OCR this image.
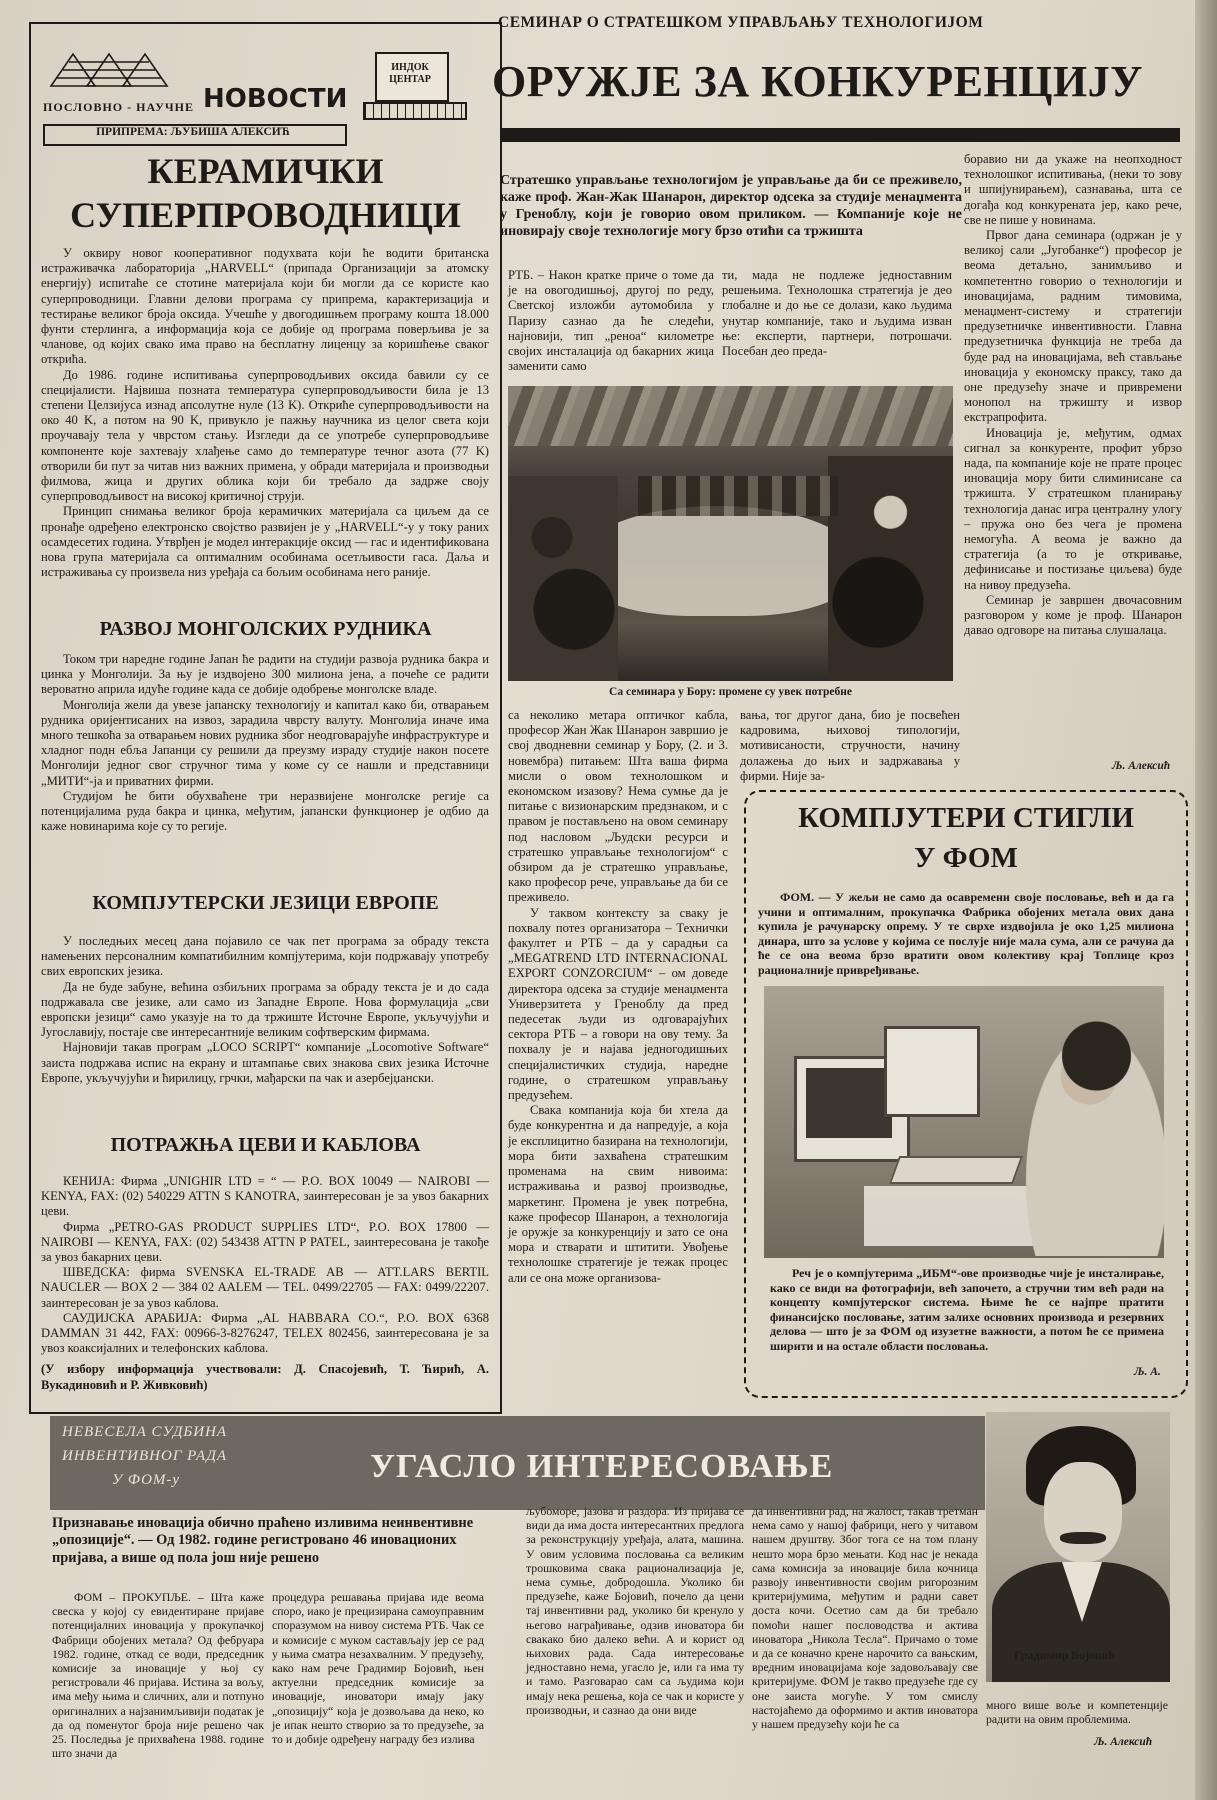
ПОСЛОВНО - НАУЧНЕ НОВОСТИ
ИНДОК ЦЕНТАР
ПРИПРЕМА: ЉУБИША АЛЕКСИЋ
КЕРАМИЧКИ
СУПЕРПРОВОДНИЦИ

У оквиру новог кооперативног подухвата који ће водити британска истраживачка лабораторија „HARVELL“ (припада Организацији за атомску енергију) испитаће се стотине материјала који би могли да се користе као суперпроводници. Главни делови програма су припрема, карактеризација и тестирање великог броја оксида. Учешће у двогодишњем програму кошта 18.000 фунти стерлинга, а информација која се добије од програма поверљива је за чланове, од којих свако има право на бесплатну лиценцу за коришћење сваког открића.

До 1986. године испитивања суперпроводљивих оксида бавили су се специјалисти. Највиша позната температура суперпроводљивости била је 13 степени Целзијуса изнад апсолутне нуле (13 K). Откриће суперпроводљивости на око 40 K, а потом на 90 K, привукло је пажњу научника из целог света који проучавају тела у чврстом стању. Изгледи да се употребе суперпроводљиве компоненте које захтевају хлађење само до температуре течног азота (77 K) отворили би пут за читав низ важних примена, у обради материјала и производњи филмова, жица и других облика који би требало да задрже своју суперпроводљивост на високој критичној струји.

Принцип снимања великог броја керамичких материјала са циљем да се пронађе одређено електронско својство развијен је у „HARVELL“-у у току раних осамдесетих година. Утврђен је модел интеракције оксид — гас и идентификована нова група материјала са оптималним особинама осетљивости гаса. Даља и истраживања су произвела низ уређаја са бољим особинама него раније.

РАЗВОЈ МОНГОЛСКИХ РУДНИКА

Током три наредне године Јапан ће радити на студији развоја рудника бакра и цинка у Монголији. За њу је издвојено 300 милиона јена, а почеће се радити вероватно априла идуће године када се добије одобрење монголске владе.

Монголија жели да увезе јапанску технологију и капитал како би, отварањем рудника оријентисаних на извоз, зарадила чврсту валуту. Монголија иначе има много тешкоћа за отварањем нових рудника због неодговарајуће инфраструктуре и хладног подн ебља Јапанци су решили да преузму израду студије након посете Монголији једног свог стручног тима у коме су се нашли и представници „МИТИ“-ја и приватних фирми.

Студијом ће бити обухваћене три неразвијене монголске регије са потенцијалима руда бакра и цинка, међутим, јапански функционер је одбио да каже новинарима које су то регије.

КОМПЈУТЕРСКИ ЈЕЗИЦИ ЕВРОПЕ

У последњих месец дана појавило се чак пет програма за обраду текста намењених персоналним компатибилним компјутерима, који подржавају употребу свих европских језика.

Да не буде забуне, већина озбиљних програма за обраду текста је и до сада подржавала све језике, али само из Западне Европе. Нова формулација „сви европски језици“ само указује на то да тржиште Источне Европе, укључујући и Југославију, постаје све интересантније великим софтверским фирмама.

Најновији такав програм „LOCO SCRIPT“ компаније „Locomotive Software“ заиста подржава испис на екрану и штампање свих знакова свих језика Источне Европе, укључујући и ћирилицу, грчки, мађарски па чак и азербејџански.

ПОТРАЖЊА ЦЕВИ И КАБЛОВА

КЕНИЈА: Фирма „UNIGHIR LTD = “ — P.O. BOX 10049 — NAIROBI — KENYA, FAX: (02) 540229 ATTN S KANOTRA, заинтересован је за увоз бакарних цеви.

Фирма „PETRO-GAS PRODUCT SUPPLIES LTD“, P.O. BOX 17800 — NAIROBI — KENYA, FAX: (02) 543438 ATTN P PATEL, заинтересована је такође за увоз бакарних цеви.

ШВЕДСКА: фирма SVENSKA EL-TRADE AB — ATT.LARS BERTIL NAUCLER — BOX 2 — 384 02 AALEM — TEL. 0499/22705 — FAX: 0499/22207. заинтересован је за увоз каблова.

САУДИЈСКА АРАБИЈА: Фирма „AL HABBARA CO.“, P.O. BOX 6368 DAMMAN 31 442, FAX: 00966-3-8276247, TELEX 802456, заинтересована је за увоз коаксијалних и телефонских каблова.

(У избору информација учествовали: Д. Спасојевић, Т. Ћирић, А. Вукадиновић и Р. Живковић)

СЕМИНАР О СТРАТЕШКОМ УПРАВЉАЊУ ТЕХНОЛОГИЈОМ
ОРУЖЈЕ ЗА КОНКУРЕНЦИЈУ
Стратешко управљање технологијом је управљање да би се преживело, каже проф. Жан-Жак Шанарон, директор одсека за студије менаџмента у Греноблу, који је говорио овом приликом. — Компаније које не иновирају своје технологије могу брзо отићи са тржишта
РТБ. – Након кратке приче о томе да је на овогодишњој, другој по реду, Светској изложби аутомобила у Паризу сазнао да ће следећи, најновији, тип „реноа“ километре својих инсталација од бакарних жица заменити само
ти, мада не подлеже једноставним решењима. Технолошка стратегија је део глобалне и до ње се долази, како људима унутар компаније, тако и људима изван ње: експерти, партнери, потрошачи. Посебан део преда-
Са семинара у Бору: промене су увек потребне

са неколико метара оптичког кабла, професор Жан Жак Шанарон завршио је свој дводневни семинар у Бору, (2. и 3. новембра) питањем: Шта ваша фирма мисли о овом технолошком и економском изазову? Нема сумње да је питање с визионарским предзнаком, и с правом је постављено на овом семинару под насловом „Људски ресурси и стратешко управљање технологијом“ с обзиром да је стратешко управљање, како професор рече, управљање да би се преживело.

У таквом контексту за сваку је похвалу потез организатора – Технички факултет и РТБ – да у сарадњи са „MEGATREND LTD INTERNACIONAL EXPORT CONZORCIUM“ – ом доведе директора одсека за студије менаџмента Универзитета у Греноблу да пред педесетак људи из одговарајућих сектора РТБ – а говори на ову тему. За похвалу је и најава једногодишњих специјалистичких студија, наредне године, о стратешком управљању предузећем.

Свака компанија која би хтела да буде конкурентна и да напредује, а која је експлицитно базирана на технологији, мора бити захваћена стратешким променама на свим нивоима: истраживања и развој производње, маркетинг. Промена је увек потребна, каже професор Шанарон, а технологија је оружје за конкуренцију и зато се она мора и стварати и штитити. Увођење технолошке стратегије је тежак процес али се она може организова-

вања, тог другог дана, био је посвећен кадровима, њиховој типологији, мотивисаности, стручности, начину долажења до њих и задржавања у фирми. Није за-

боравио ни да укаже на неопходност технолошког испитивања, (неки то зову и шпијунирањем), сазнавања, шта се догађа код конкурената јер, како рече, све не пише у новинама.

Првог дана семинара (одржан је у великој сали „Југобанке“) професор је веома детаљно, занимљиво и компетентно говорио о технологији и иновацијама, радним тимовима, менаџмент-систему и стратегији предузетничке инвентивности. Главна предузетничка функција не треба да буде рад на иновацијама, већ стављање иновација у економску праксу, тако да оне предузећу значе и привремени монопол на тржишту и извор екстрапрофита.

Иновација је, међутим, одмах сигнал за конкуренте, профит убрзо нада, па компаније које не прате процес иновација мору бити слиминисане са тржишта. У стратешком планирању технологија данас игра централну улогу – пружа оно без чега је промена немогућа. А веома је важно да стратегија (а то је откривање, дефинисање и постизање циљева) буде на нивоу предузећа.

Семинар је завршен двочасовним разговором у коме је проф. Шанарон давао одговоре на питања слушалаца.

Љ. Алексић
КОМПЈУТЕРИ СТИГЛИ
У ФОМ
ФОМ. — У жељи не само да осавремени своје пословање, већ и да га учини и оптималним, прокупачка Фабрика обојених метала ових дана купила је рачунарску опрему. У те сврхе издвојила је око 1,25 милиона динара, што за услове у којима се послује није мала сума, али се рачуна да ће се она веома брзо вратити овом колективу крај Топлице кроз рационалније привређивање.
Реч је о компјутерима „ИБМ“-ове производње чије је инсталирање, како се види на фотографији, већ започето, а стручни тим већ ради на концепту компјутерског система. Њиме ће се најпре пратити финансијско пословање, затим залихе основних производа и резервних делова — што је за ФОМ од изузетне важности, а потом ће се примена ширити и на остале области пословања.
Љ. А.
НЕВЕСЕЛА СУДБИНА
ИНВЕНТИВНОГ РАДА
У ФОМ-у	УГАСЛО ИНТЕРЕСОВАЊЕ
Градимир Бојовић
Признавање иновација обично праћено изливима неинвентивне „опозиције“. — Од 1982. године регистровано 46 иновационих пријава, а више од пола још није решено
ФОМ – ПРОКУПЉЕ. – Шта каже свеска у којој су евидентиране пријаве потенцијалних иновација у прокупачкој Фабрици обојених метала? Од фебруара 1982. године, откад се води, председник комисије за иновације у њој су регистровали 46 пријава. Истина за вољу, има међу њима и сличних, али и потпуно оригиналних а најзанимљивији податак је да од поменутог броја није решено чак 25. Последња је прихваћена 1988. године што значи да
процедура решавања пријава иде веома споро, иако је прецизирана самоуправним споразумом на нивоу система РТБ. Чак се и комисије с муком састављају јер се рад у њима сматра незахвалним. У предузећу, како нам рече Градимир Бојовић, њен актуелни председник комисије за иновације, иноватори имају јаку „опозицију“ која је дозвољава да неко, ко је ипак нешто створио за то предузеће, за то и добије одређену награду без излива
љубоморе, јазова и раздора. Из пријава се види да има доста интересантних предлога за реконструкцију уређаја, алата, машина. У овим условима пословања са великим трошковима свака рационализација је, нема сумње, добродошла. Уколико би предузеће, каже Бојовић, почело да цени тај инвентивни рад, уколико би кренуло у његово награђивање, одзив иноватора би свакако био далеко већи. А и корист од њихових рада. Сада интересовање једноставно нема, угасло је, или га има ту и тамо. Разговарао сам са људима који имају нека решења, која се чак и користе у производњи, и сазнао да они виде
да инвентивни рад, на жалост, такав третман нема само у нашој фабрици, него у читавом нашем друштву. Због тога се на том плану нешто мора брзо мењати. Код нас је некада сама комисија за иновације била кочница развоју инвентивности својим ригорозним критеријумима, међутим и радни савет доста кочи. Осетио сам да би требало помоћи нашег пословодства и актива иноватора „Никола Тесла“. Причамо о томе и да се коначно крене нарочито са вањским, вредним иновацијама које задовољавају све критеријуме. ФОМ је такво предузеће где су оне заиста могуће. У том смислу настојаћемо да оформимо и актив иноватора у нашем предузећу који ће са
много више воље и компетенције радити на овим проблемима.
Љ. Алексић
